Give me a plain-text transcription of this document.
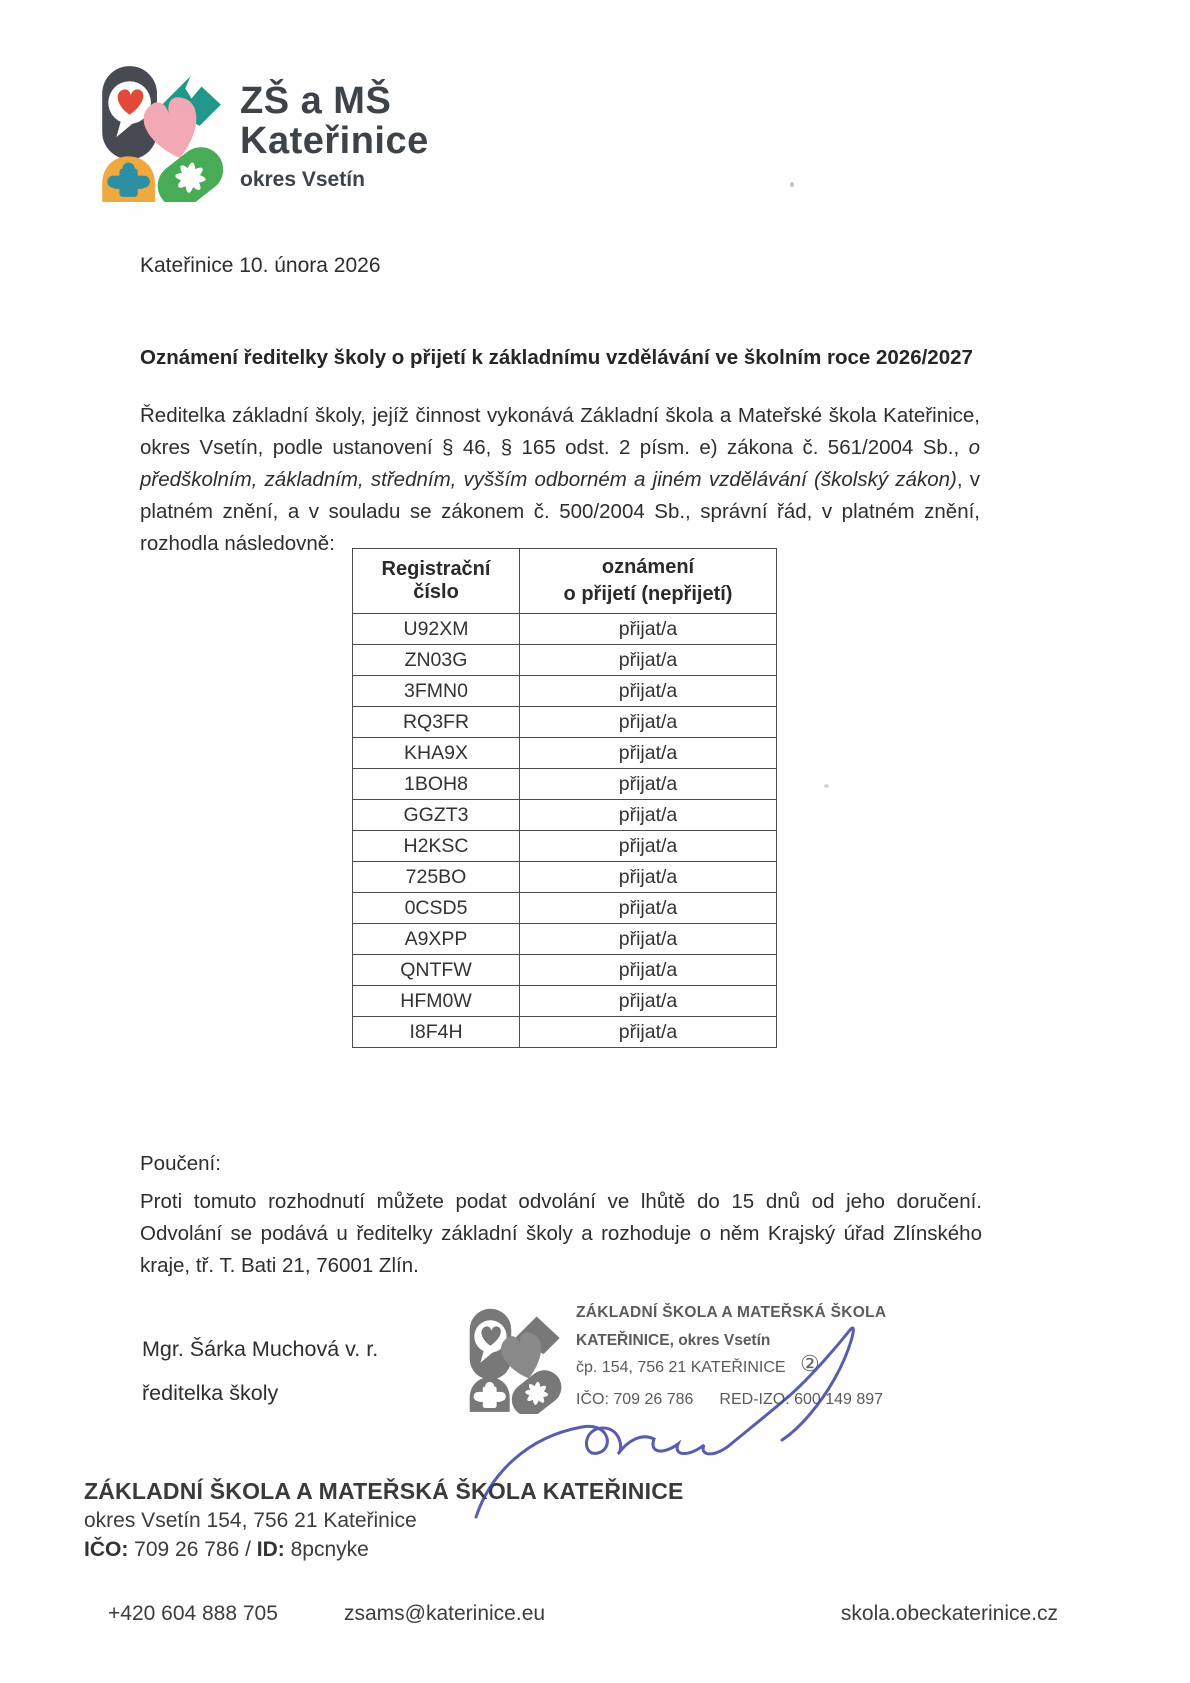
ZŠ a MŠ
Kateřinice
okres Vsetín
Kateřinice 10. února 2026
Oznámení ředitelky školy o přijetí k základnímu vzdělávání ve školním roce 2026/2027

Ředitelka základní školy, jejíž činnost vykonává Základní škola a Mateřské škola Kateřinice, okres Vsetín, podle ustanovení § 46, § 165 odst. 2 písm. e) zákona č. 561/2004 Sb., o předškolním, základním, středním, vyšším odborném a jiném vzdělávání (školský zákon), v platném znění, a v souladu se zákonem č. 500/2004 Sb., správní řád, v platném znění, rozhodla následovně:

Registrační číslo	oznámení
o přijetí (nepřijetí)

U92XM	přijat/a
ZN03G	přijat/a
3FMN0	přijat/a
RQ3FR	přijat/a
KHA9X	přijat/a
1BOH8	přijat/a
GGZT3	přijat/a
H2KSC	přijat/a
725BO	přijat/a
0CSD5	přijat/a
A9XPP	přijat/a
QNTFW	přijat/a
HFM0W	přijat/a
I8F4H	přijat/a
Poučení:

Proti tomuto rozhodnutí můžete podat odvolání ve lhůtě do 15 dnů od jeho doručení. Odvolání se podává u ředitelky základní školy a rozhoduje o něm Krajský úřad Zlínského kraje, tř. T. Bati 21, 76001 Zlín.

Mgr. Šárka Muchová v. r.
ředitelka školy
ZÁKLADNÍ ŠKOLA A MATEŘSKÁ ŠKOLA
KATEŘINICE, okres Vsetín
čp. 154, 756 21 KATEŘINICE
IČO: 709 26 786 RED-IZO: 600 149 897
②
ZÁKLADNÍ ŠKOLA A MATEŘSKÁ ŠKOLA KATEŘINICE
okres Vsetín 154, 756 21 Kateřinice
IČO: 709 26 786 / ID: 8pcnyke
+420 604 888 705	zsams@katerinice.eu	skola.obeckaterinice.cz
